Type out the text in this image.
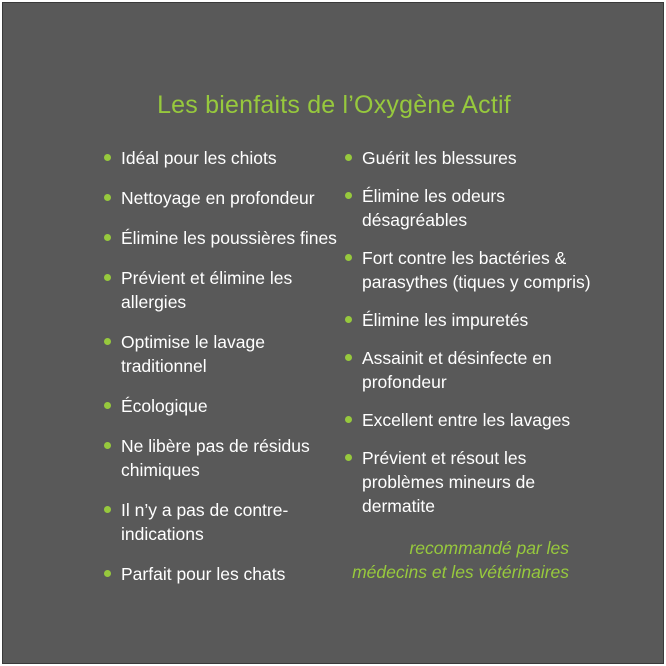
Les bienfaits de l’Oxygène Actif
Idéal pour les chiots
Nettoyage en profondeur
Élimine les poussières fines
Prévient et élimine les allergies
Optimise le lavage traditionnel
Écologique
Ne libère pas de résidus chimiques
Il n’y a pas de contre-indications
Parfait pour les chats
Guérit les blessures
Élimine les odeurs désagréables
Fort contre les bactéries & parasythes (tiques y compris)
Élimine les impuretés
Assainit et désinfecte en profondeur
Excellent entre les lavages
Prévient et résout les problèmes mineurs de dermatite
recommandé par les
médecins et les vétérinaires
